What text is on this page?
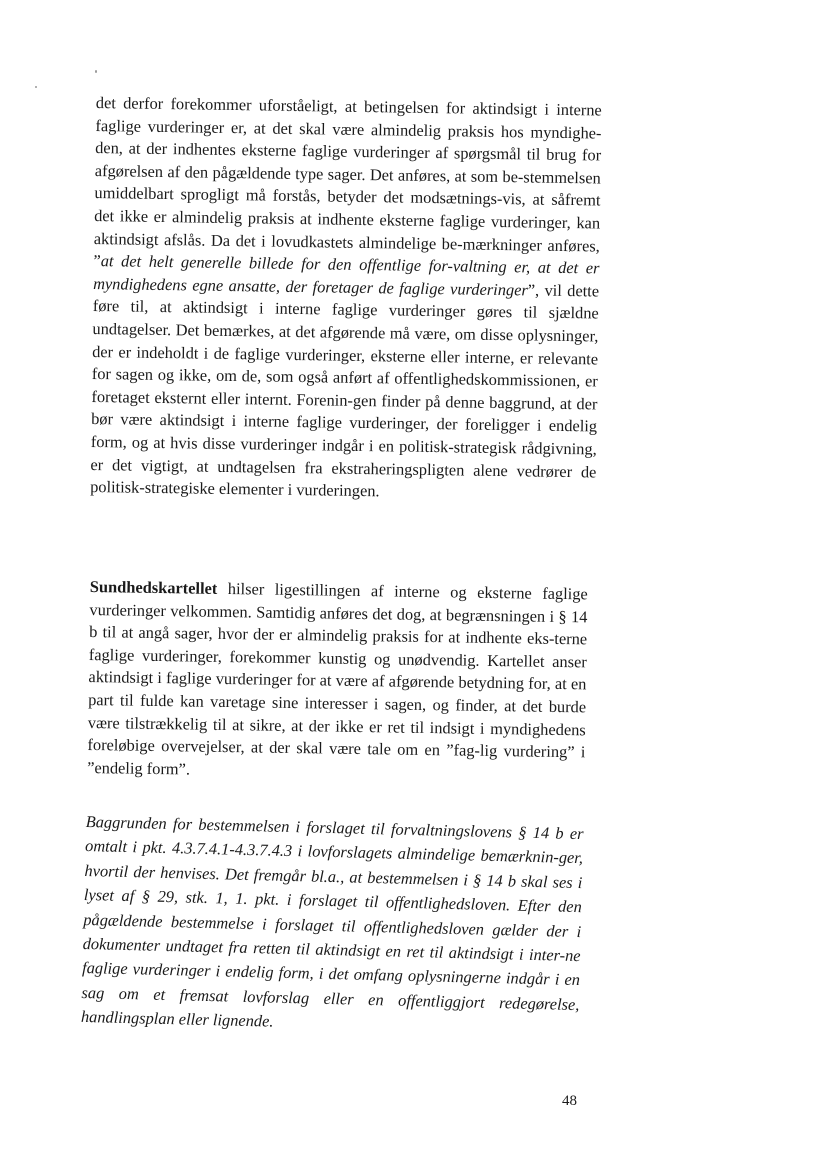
det derfor forekommer uforståeligt, at betingelsen for aktindsigt i interne faglige vurderinger er, at det skal være almindelig praksis hos myndighe-den, at der indhentes eksterne faglige vurderinger af spørgsmål til brug for afgørelsen af den pågældende type sager. Det anføres, at som be-stemmelsen umiddelbart sprogligt må forstås, betyder det modsætnings-vis, at såfremt det ikke er almindelig praksis at indhente eksterne faglige vurderinger, kan aktindsigt afslås. Da det i lovudkastets almindelige be-mærkninger anføres, ”at det helt generelle billede for den offentlige for-valtning er, at det er myndighedens egne ansatte, der foretager de faglige vurderinger”, vil dette føre til, at aktindsigt i interne faglige vurderinger gøres til sjældne undtagelser. Det bemærkes, at det afgørende må være, om disse oplysninger, der er indeholdt i de faglige vurderinger, eksterne eller interne, er relevante for sagen og ikke, om de, som også anført af offentlighedskommissionen, er foretaget eksternt eller internt. Forenin-gen finder på denne baggrund, at der bør være aktindsigt i interne faglige vurderinger, der foreligger i endelig form, og at hvis disse vurderinger indgår i en politisk-strategisk rådgivning, er det vigtigt, at undtagelsen fra ekstraheringspligten alene vedrører de politisk-strategiske elementer i vurderingen.

Sundhedskartellet hilser ligestillingen af interne og eksterne faglige vurderinger velkommen. Samtidig anføres det dog, at begrænsningen i § 14 b til at angå sager, hvor der er almindelig praksis for at indhente eks-terne faglige vurderinger, forekommer kunstig og unødvendig. Kartellet anser aktindsigt i faglige vurderinger for at være af afgørende betydning for, at en part til fulde kan varetage sine interesser i sagen, og finder, at det burde være tilstrækkelig til at sikre, at der ikke er ret til indsigt i myndighedens foreløbige overvejelser, at der skal være tale om en ”fag-lig vurdering” i ”endelig form”.

Baggrunden for bestemmelsen i forslaget til forvaltningslovens § 14 b er omtalt i pkt. 4.3.7.4.1-4.3.7.4.3 i lovforslagets almindelige bemærknin-ger, hvortil der henvises. Det fremgår bl.a., at bestemmelsen i § 14 b skal ses i lyset af § 29, stk. 1, 1. pkt. i forslaget til offentlighedsloven. Efter den pågældende bestemmelse i forslaget til offentlighedsloven gælder der i dokumenter undtaget fra retten til aktindsigt en ret til aktindsigt i inter-ne faglige vurderinger i endelig form, i det omfang oplysningerne indgår i en sag om et fremsat lovforslag eller en offentliggjort redegørelse, handlingsplan eller lignende.

48
